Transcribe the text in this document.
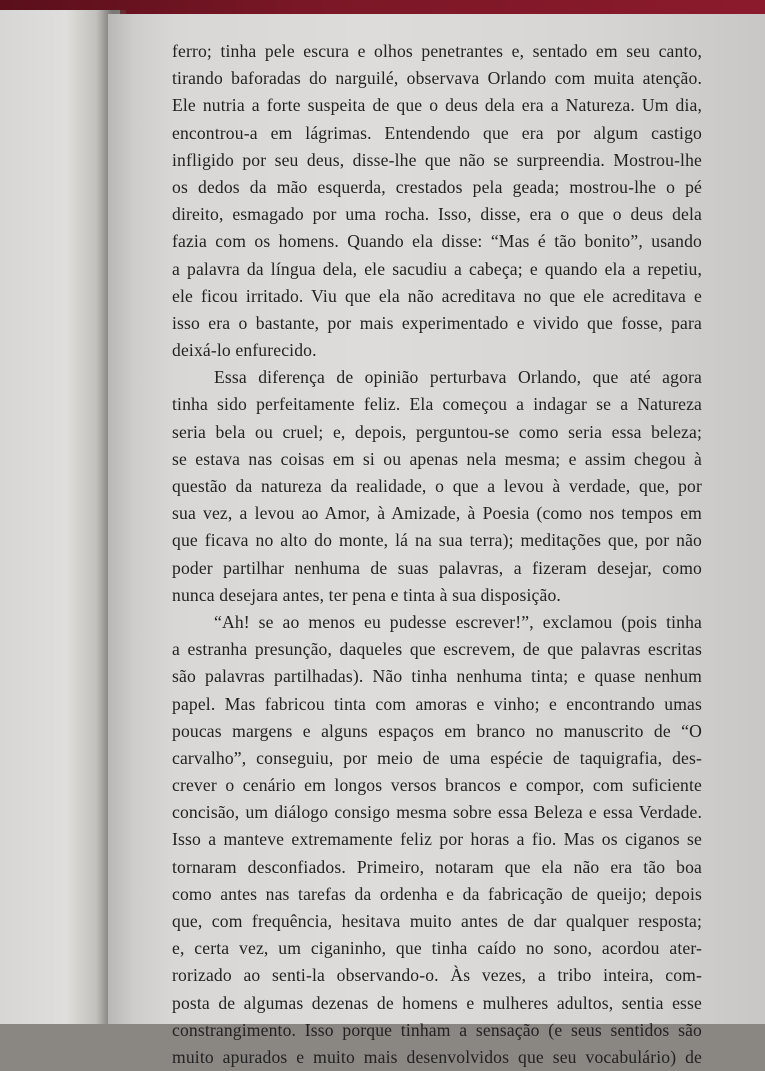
ferro; tinha pele escura e olhos penetrantes e, sentado em seu canto,
tirando baforadas do narguilé, observava Orlando com muita atenção.
Ele nutria a forte suspeita de que o deus dela era a Natureza. Um dia,
encontrou-a em lágrimas. Entendendo que era por algum castigo
infligido por seu deus, disse-lhe que não se surpreendia. Mostrou-lhe
os dedos da mão esquerda, crestados pela geada; mostrou-lhe o pé
direito, esmagado por uma rocha. Isso, disse, era o que o deus dela
fazia com os homens. Quando ela disse: “Mas é tão bonito”, usando
a palavra da língua dela, ele sacudiu a cabeça; e quando ela a repetiu,
ele ficou irritado. Viu que ela não acreditava no que ele acreditava e
isso era o bastante, por mais experimentado e vivido que fosse, para
deixá-lo enfurecido.
Essa diferença de opinião perturbava Orlando, que até agora
tinha sido perfeitamente feliz. Ela começou a indagar se a Natureza
seria bela ou cruel; e, depois, perguntou-se como seria essa beleza;
se estava nas coisas em si ou apenas nela mesma; e assim chegou à
questão da natureza da realidade, o que a levou à verdade, que, por
sua vez, a levou ao Amor, à Amizade, à Poesia (como nos tempos em
que ficava no alto do monte, lá na sua terra); meditações que, por não
poder partilhar nenhuma de suas palavras, a fizeram desejar, como
nunca desejara antes, ter pena e tinta à sua disposição.
“Ah! se ao menos eu pudesse escrever!”, exclamou (pois tinha
a estranha presunção, daqueles que escrevem, de que palavras escritas
são palavras partilhadas). Não tinha nenhuma tinta; e quase nenhum
papel. Mas fabricou tinta com amoras e vinho; e encontrando umas
poucas margens e alguns espaços em branco no manuscrito de “O
carvalho”, conseguiu, por meio de uma espécie de taquigrafia, des-
crever o cenário em longos versos brancos e compor, com suficiente
concisão, um diálogo consigo mesma sobre essa Beleza e essa Verdade.
Isso a manteve extremamente feliz por horas a fio. Mas os ciganos se
tornaram desconfiados. Primeiro, notaram que ela não era tão boa
como antes nas tarefas da ordenha e da fabricação de queijo; depois
que, com frequência, hesitava muito antes de dar qualquer resposta;
e, certa vez, um ciganinho, que tinha caído no sono, acordou ater-
rorizado ao senti-la observando-o. Às vezes, a tribo inteira, com-
posta de algumas dezenas de homens e mulheres adultos, sentia esse
constrangimento. Isso porque tinham a sensação (e seus sentidos são
muito apurados e muito mais desenvolvidos que seu vocabulário) de
